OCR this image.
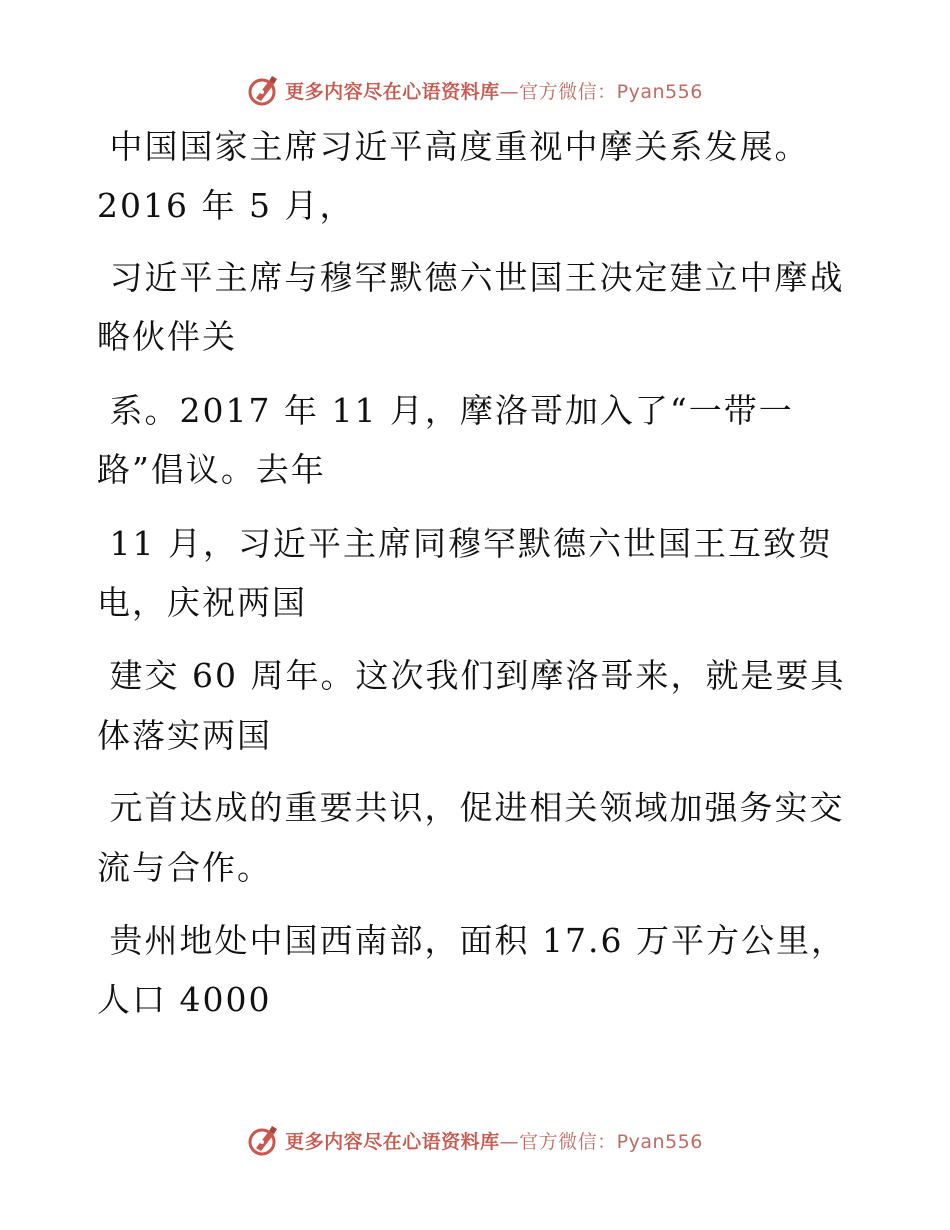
更多内容尽在心语资料库—官方微信：Pyan556
中国国家主席习近平高度重视中摩关系发展。
2016 年 5 月，
习近平主席与穆罕默德六世国王决定建立中摩战
略伙伴关
系。2017 年 11 月，摩洛哥加入了“一带一
路”倡议。去年
11 月，习近平主席同穆罕默德六世国王互致贺
电，庆祝两国
建交 60 周年。这次我们到摩洛哥来，就是要具
体落实两国
元首达成的重要共识，促进相关领域加强务实交
流与合作。
贵州地处中国西南部，面积 17.6 万平方公里，
人口 4000
更多内容尽在心语资料库—官方微信：Pyan556
